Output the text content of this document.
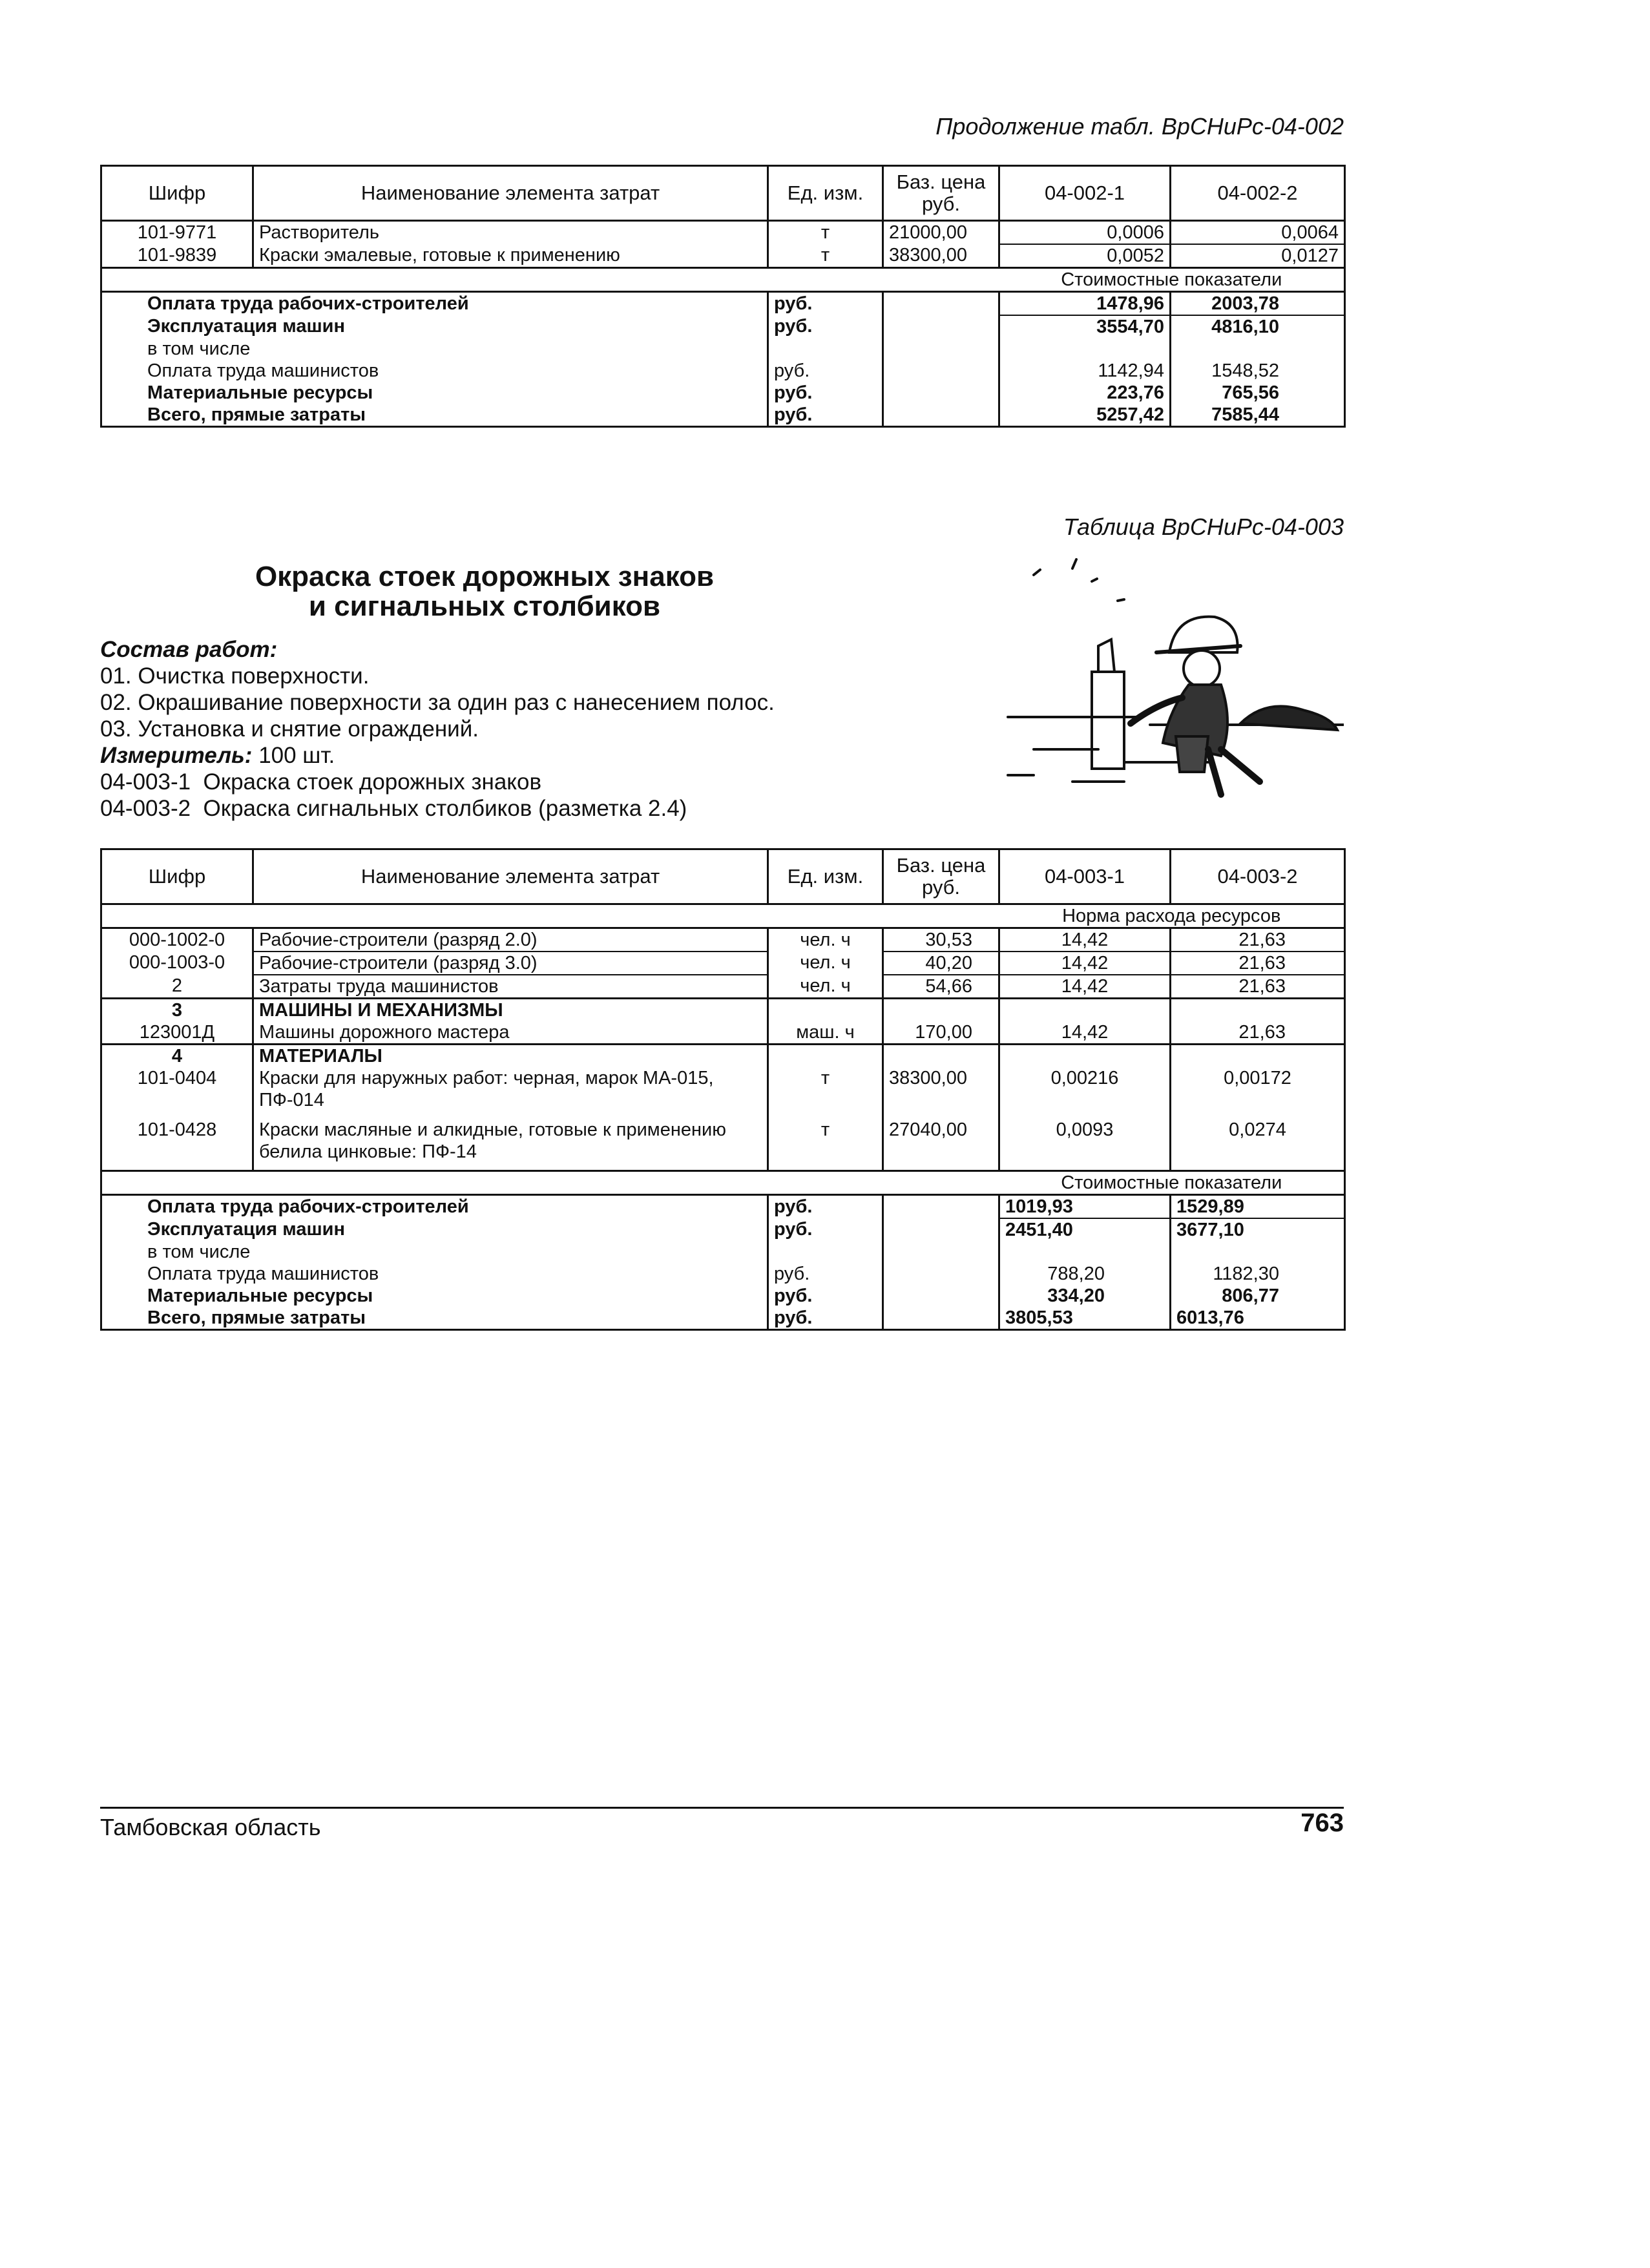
Продолжение табл. ВрСНиРс-04-002
Шифр	Наименование элемента затрат	Ед. изм.	Баз. цена руб.	04-002-1	04-002-2
101-9771	Растворитель	т	21000,00	0,0006	0,0064
101-9839	Краски эмалевые, готовые к применению	т	38300,00	0,0052	0,0127
				Стоимостные показатели	
Оплата труда рабочих-строителей		руб.		1478,96	2003,78
Эксплуатация машин		руб.		3554,70	4816,10
в том числе					
Оплата труда машинистов		руб.		1142,94	1548,52
Материальные ресурсы		руб.		223,76	765,56
Всего, прямые затраты		руб.		5257,42	7585,44
Таблица ВрСНиРс-04-003
Окраска стоек дорожных знаков
и сигнальных столбиков
Состав работ:
01. Очистка поверхности.
02. Окрашивание поверхности за один раз с нанесением полос.
03. Установка и снятие ограждений.
Измеритель: 100 шт.
04-003-1  Окраска стоек дорожных знаков
04-003-2  Окраска сигнальных столбиков (разметка 2.4)
Шифр	Наименование элемента затрат	Ед. изм.	Баз. цена руб.	04-003-1	04-003-2
				Норма расхода ресурсов	
000-1002-0	Рабочие-строители (разряд 2.0)	чел. ч	30,53	14,42	21,63
000-1003-0	Рабочие-строители (разряд 3.0)	чел. ч	40,20	14,42	21,63
2	Затраты труда машинистов	чел. ч	54,66	14,42	21,63
3	МАШИНЫ И МЕХАНИЗМЫ				
123001Д	Машины дорожного мастера	маш. ч	170,00	14,42	21,63
4	МАТЕРИАЛЫ				
101-0404	Краски для наружных работ: черная, марок МА-015, ПФ-014	т	38300,00	0,00216	0,00172
101-0428	Краски масляные и алкидные, готовые к применению белила цинковые: ПФ-14	т	27040,00	0,0093	0,0274
				Стоимостные показатели	
Оплата труда рабочих-строителей		руб.		1019,93	1529,89
Эксплуатация машин		руб.		2451,40	3677,10
в том числе					
Оплата труда машинистов		руб.		788,20	1182,30
Материальные ресурсы		руб.		334,20	806,77
Всего, прямые затраты		руб.		3805,53	6013,76
Тамбовская область	763
